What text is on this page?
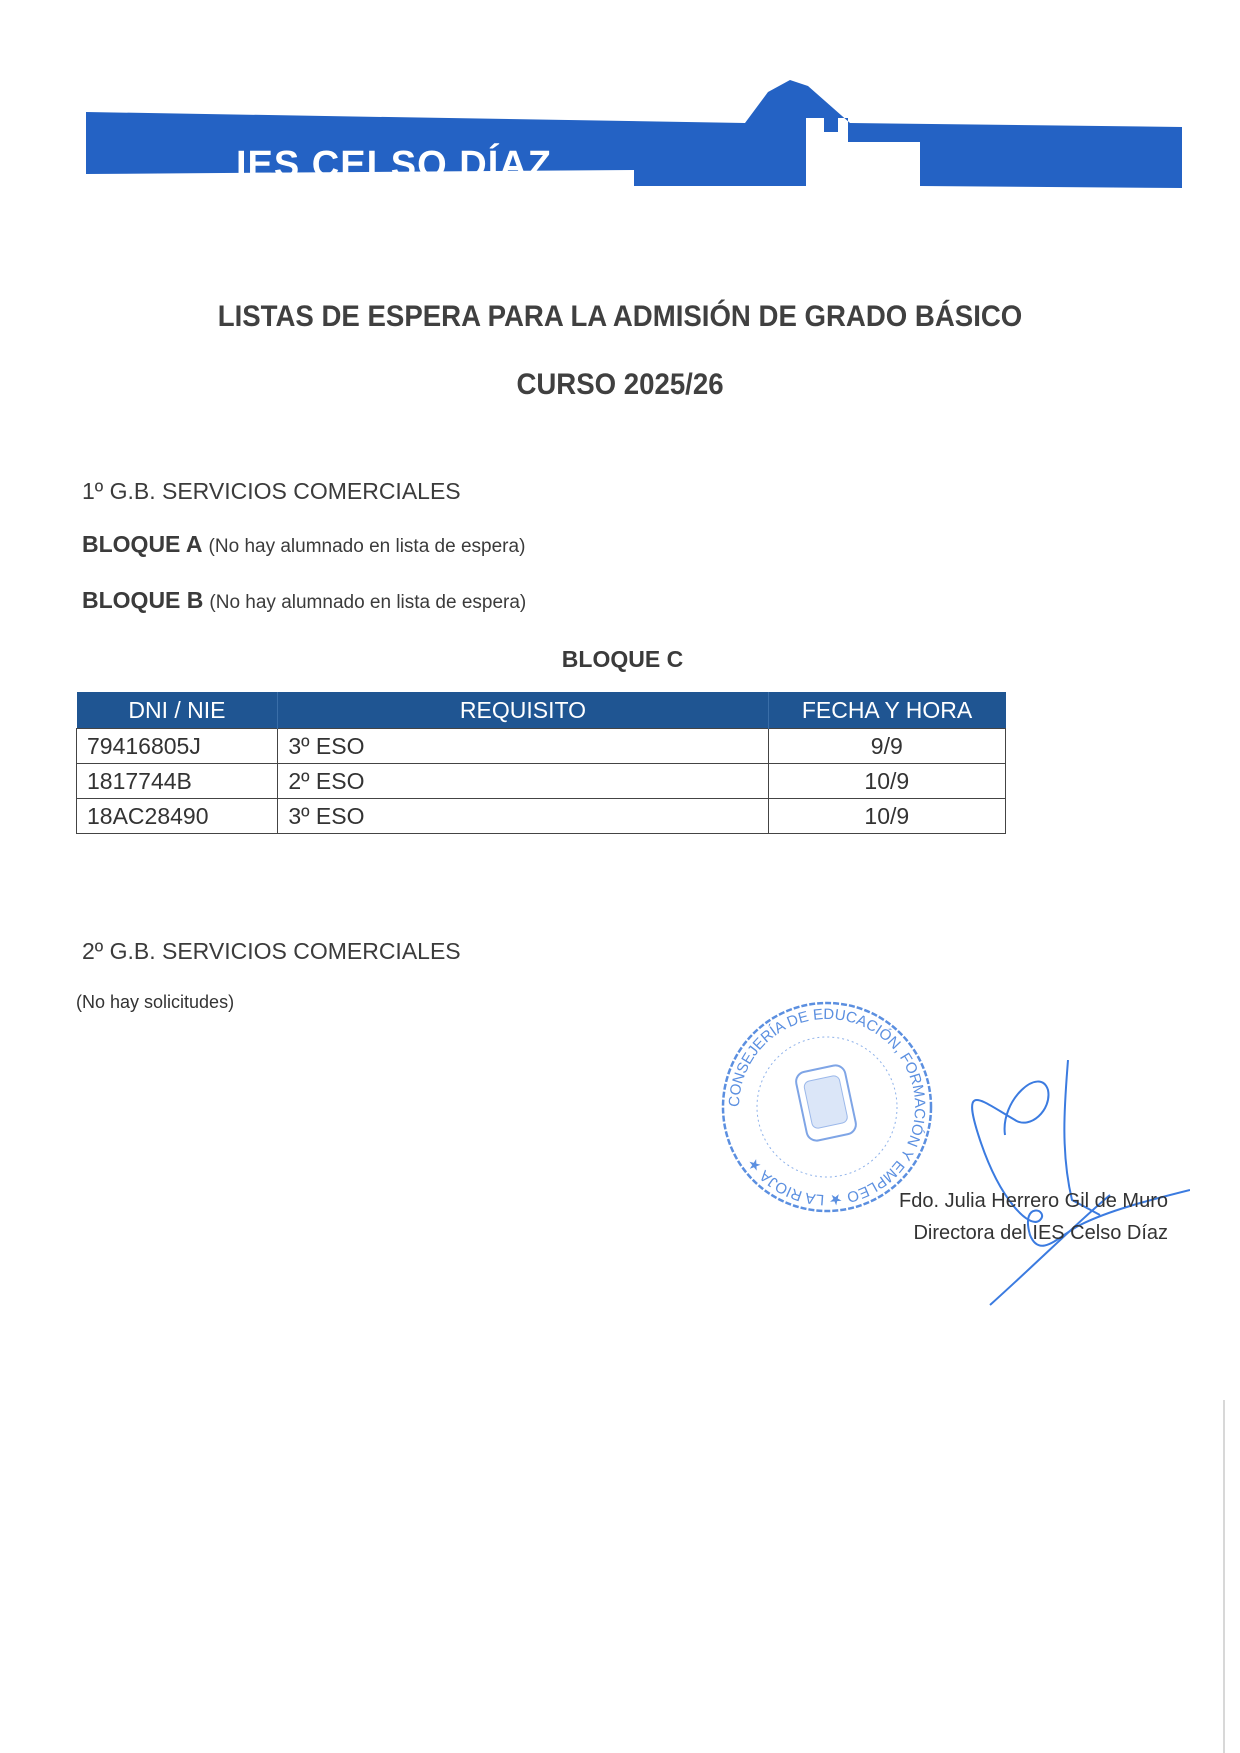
IES CELSO DÍAZ
LISTAS DE ESPERA PARA LA ADMISIÓN DE GRADO BÁSICO
CURSO 2025/26
1º G.B. SERVICIOS COMERCIALES
BLOQUE A (No hay alumnado en lista de espera)
BLOQUE B (No hay alumnado en lista de espera)
BLOQUE C
DNI / NIE	REQUISITO	FECHA Y HORA
79416805J	3º ESO	9/9
1817744B	2º ESO	10/9
18AC28490	3º ESO	10/9
2º G.B. SERVICIOS COMERCIALES
(No hay solicitudes)
CONSEJERÍA DE EDUCACIÓN, FORMACIÓN Y EMPLEO ★ LA RIOJA ★
Fdo. Julia Herrero Gil de Muro
Directora del IES Celso Díaz
